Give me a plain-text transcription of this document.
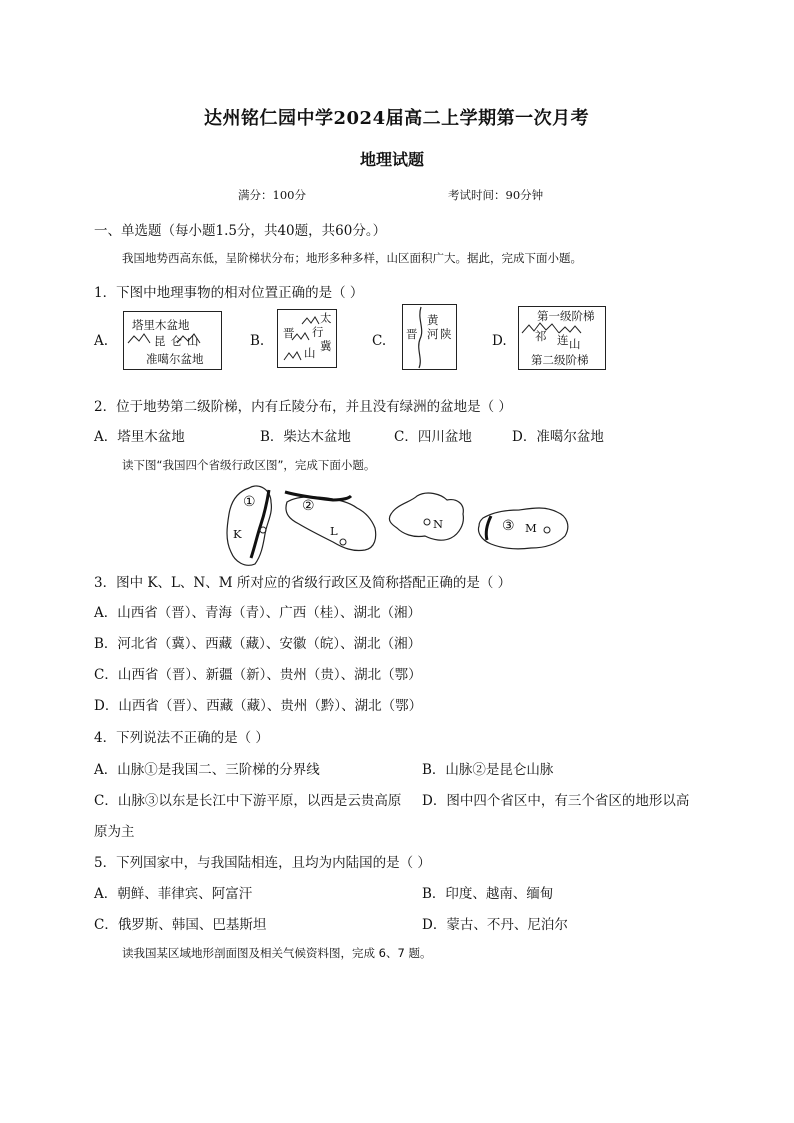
达州铭仁园中学2024届高二上学期第一次月考
地理试题
满分：100分	考试时间：90分钟
一、单选题（每小题1.5分，共40题，共60分。）
我国地势西高东低，呈阶梯状分布；地形多种多样，山区面积广大。据此，完成下面小题。
1．下图中地理事物的相对位置正确的是（ ）
A.
塔里木盆地
昆仑山
准噶尔盆地
B.
太
行
冀
晋
山
C.
黄
河 陕
晋	D.
第一级阶梯
祁 连 山
第二级阶梯
2．位于地势第二级阶梯，内有丘陵分布，并且没有绿洲的盆地是（ ）
A．塔里木盆地	B．柴达木盆地	C．四川盆地	D．准噶尔盆地
读下图“我国四个省级行政区图”，完成下面小题。
①	②
③
K	L	N	M
3．图中 K、L、N、M 所对应的省级行政区及简称搭配正确的是（ ）
A．山西省（晋）、青海（青）、广西（桂）、湖北（湘）
B．河北省（冀）、西藏（藏）、安徽（皖）、湖北（湘）
C．山西省（晋）、新疆（新）、贵州（贵）、湖北（鄂）
D．山西省（晋）、西藏（藏）、贵州（黔）、湖北（鄂）
4．下列说法不正确的是（ ）
A．山脉①是我国二、三阶梯的分界线	B．山脉②是昆仑山脉
C．山脉③以东是长江中下游平原，以西是云贵高原 D．图中四个省区中，有三个省区的地形以高
原为主
5．下列国家中，与我国陆相连，且均为内陆国的是（ ）
A．朝鲜、菲律宾、阿富汗	B．印度、越南、缅甸
C．俄罗斯、韩国、巴基斯坦	D．蒙古、不丹、尼泊尔
读我国某区域地形剖面图及相关气候资料图，完成 6、7 题。
